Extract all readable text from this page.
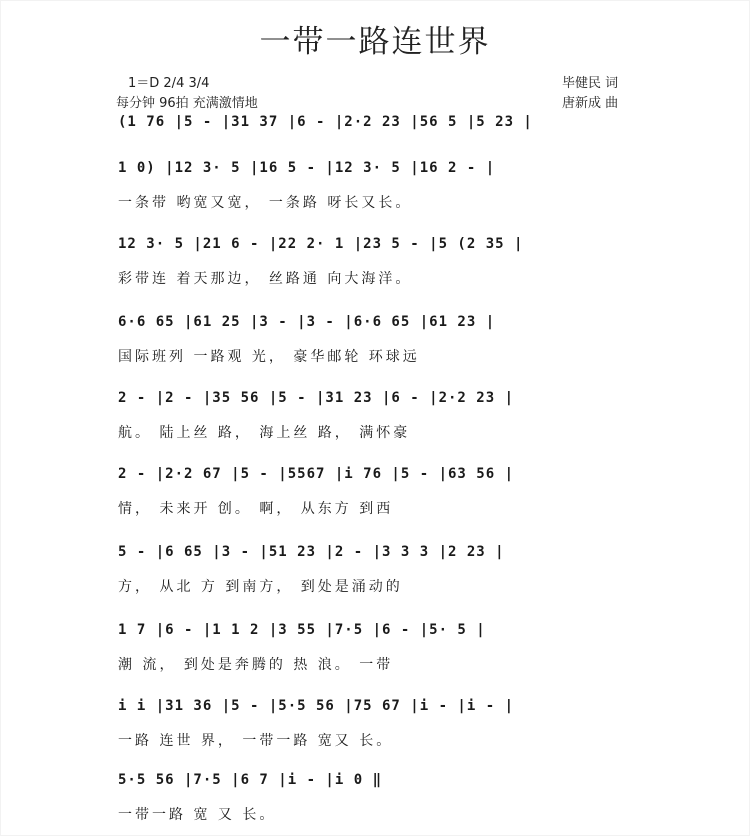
一带一路连世界
1＝D 2/4 3/4
每分钟 96拍 充满激情地
毕健民 词
唐新成 曲
(1 76 |5 - |31 37 |6 - |2·2 23 |56 5 |5 23 |
1 0) |12 3· 5 |16 5 - |12 3· 5 |16 2 - |
一条带 哟宽又宽， 一条路 呀长又长。
12 3· 5 |21 6 - |22 2· 1 |23 5 - |5 (2 35 |
彩带连 着天那边， 丝路通 向大海洋。
6·6 65 |61 25 |3 - |3 - |6·6 65 |61 23 |
国际班列 一路观 光， 豪华邮轮 环球远
2 - |2 - |35 56 |5 - |31 23 |6 - |2·2 23 |
航。 陆上丝 路， 海上丝 路， 满怀豪
2 - |2·2 67 |5 - |5567 |i 76 |5 - |63 56 |
情， 未来开 创。 啊， 从东方 到西
5 - |6 65 |3 - |51 23 |2 - |3 3 3 |2 23 |
方， 从北 方 到南方， 到处是涌动的
1 7 |6 - |1 1 2 |3 55 |7·5 |6 - |5· 5 |
潮 流， 到处是奔腾的 热 浪。 一带
i i |31 36 |5 - |5·5 56 |75 67 |i - |i - |
一路 连世 界， 一带一路 宽又 长。
5·5 56 |7·5 |6 7 |i - |i 0 ‖
一带一路 宽 又 长。
